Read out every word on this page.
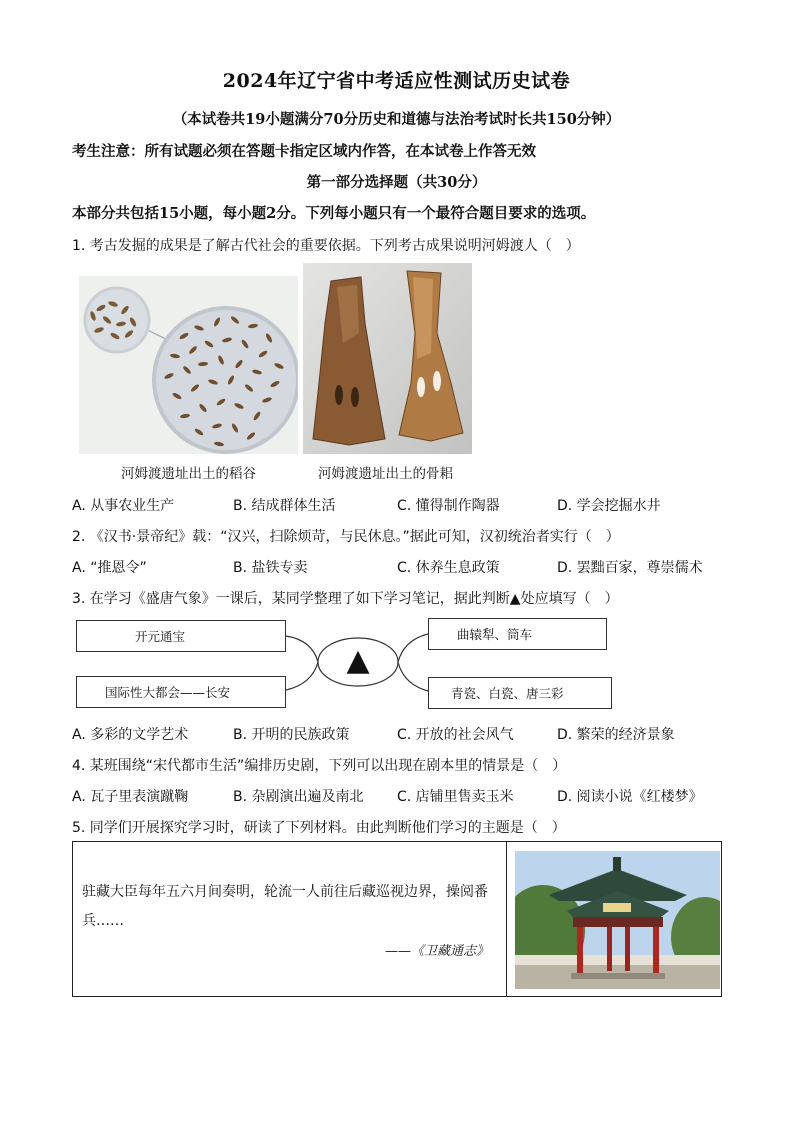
2024年辽宁省中考适应性测试历史试卷
（本试卷共19小题满分70分历史和道德与法治考试时长共150分钟）
考生注意：所有试题必须在答题卡指定区域内作答，在本试卷上作答无效
第一部分选择题（共30分）
本部分共包括15小题，每小题2分。下列每小题只有一个最符合题目要求的选项。
1. 考古发掘的成果是了解古代社会的重要依据。下列考古成果说明河姆渡人（　）
河姆渡遗址出土的稻谷	河姆渡遗址出土的骨耜
A. 从事农业生产	B. 结成群体生活	C. 懂得制作陶器	D. 学会挖掘水井
2. 《汉书·景帝纪》载：“汉兴，扫除烦苛，与民休息。”据此可知，汉初统治者实行（　）
A. “推恩令”	B. 盐铁专卖	C. 休养生息政策	D. 罢黜百家，尊崇儒术
3. 在学习《盛唐气象》一课后，某同学整理了如下学习笔记，据此判断▲处应填写（　）
开元通宝
国际性大都会——长安
曲辕犁、筒车
青瓷、白瓷、唐三彩
▲
A. 多彩的文学艺术	B. 开明的民族政策	C. 开放的社会风气	D. 繁荣的经济景象
4. 某班围绕“宋代都市生活”编排历史剧，下列可以出现在剧本里的情景是（　）
A. 瓦子里表演蹴鞠	B. 杂剧演出遍及南北 C. 店铺里售卖玉米	D. 阅读小说《红楼梦》
5. 同学们开展探究学习时，研读了下列材料。由此判断他们学习的主题是（　）
驻藏大臣每年五六月间奏明，轮流一人前往后藏巡视边界，操阅番兵……
——《卫藏通志》
